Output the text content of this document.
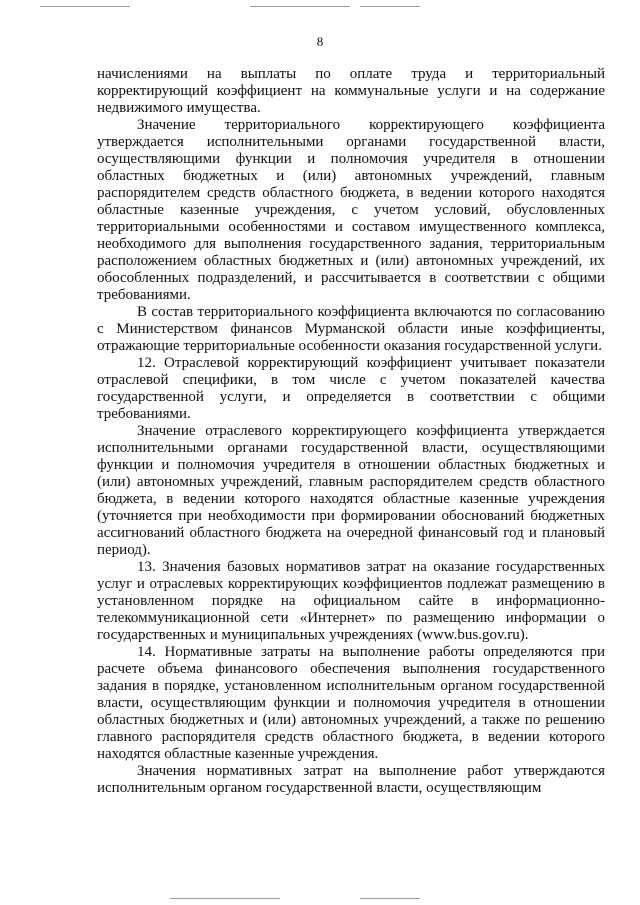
8

начислениями на выплаты по оплате труда и территориальный корректирующий коэффициент на коммунальные услуги и на содержание недвижимого имущества.

Значение территориального корректирующего коэффициента утверждается исполнительными органами государственной власти, осуществляющими функции и полномочия учредителя в отношении областных бюджетных и (или) автономных учреждений, главным распорядителем средств областного бюджета, в ведении которого находятся областные казенные учреждения, с учетом условий, обусловленных территориальными особенностями и составом имущественного комплекса, необходимого для выполнения государственного задания, территориальным расположением областных бюджетных и (или) автономных учреждений, их обособленных подразделений, и рассчитывается в соответствии с общими требованиями.

В состав территориального коэффициента включаются по согласованию с Министерством финансов Мурманской области иные коэффициенты, отражающие территориальные особенности оказания государственной услуги.

12. Отраслевой корректирующий коэффициент учитывает показатели отраслевой специфики, в том числе с учетом показателей качества государственной услуги, и определяется в соответствии с общими требованиями.

Значение отраслевого корректирующего коэффициента утверждается исполнительными органами государственной власти, осуществляющими функции и полномочия учредителя в отношении областных бюджетных и (или) автономных учреждений, главным распорядителем средств областного бюджета, в ведении которого находятся областные казенные учреждения (уточняется при необходимости при формировании обоснований бюджетных ассигнований областного бюджета на очередной финансовый год и плановый период).

13. Значения базовых нормативов затрат на оказание государственных услуг и отраслевых корректирующих коэффициентов подлежат размещению в установленном порядке на официальном сайте в информационно-телекоммуникационной сети «Интернет» по размещению информации о государственных и муниципальных учреждениях (www.bus.gov.ru).

14. Нормативные затраты на выполнение работы определяются при расчете объема финансового обеспечения выполнения государственного задания в порядке, установленном исполнительным органом государственной власти, осуществляющим функции и полномочия учредителя в отношении областных бюджетных и (или) автономных учреждений, а также по решению главного распорядителя средств областного бюджета, в ведении которого находятся областные казенные учреждения.

Значения нормативных затрат на выполнение работ утверждаются исполнительным органом государственной власти, осуществляющим
